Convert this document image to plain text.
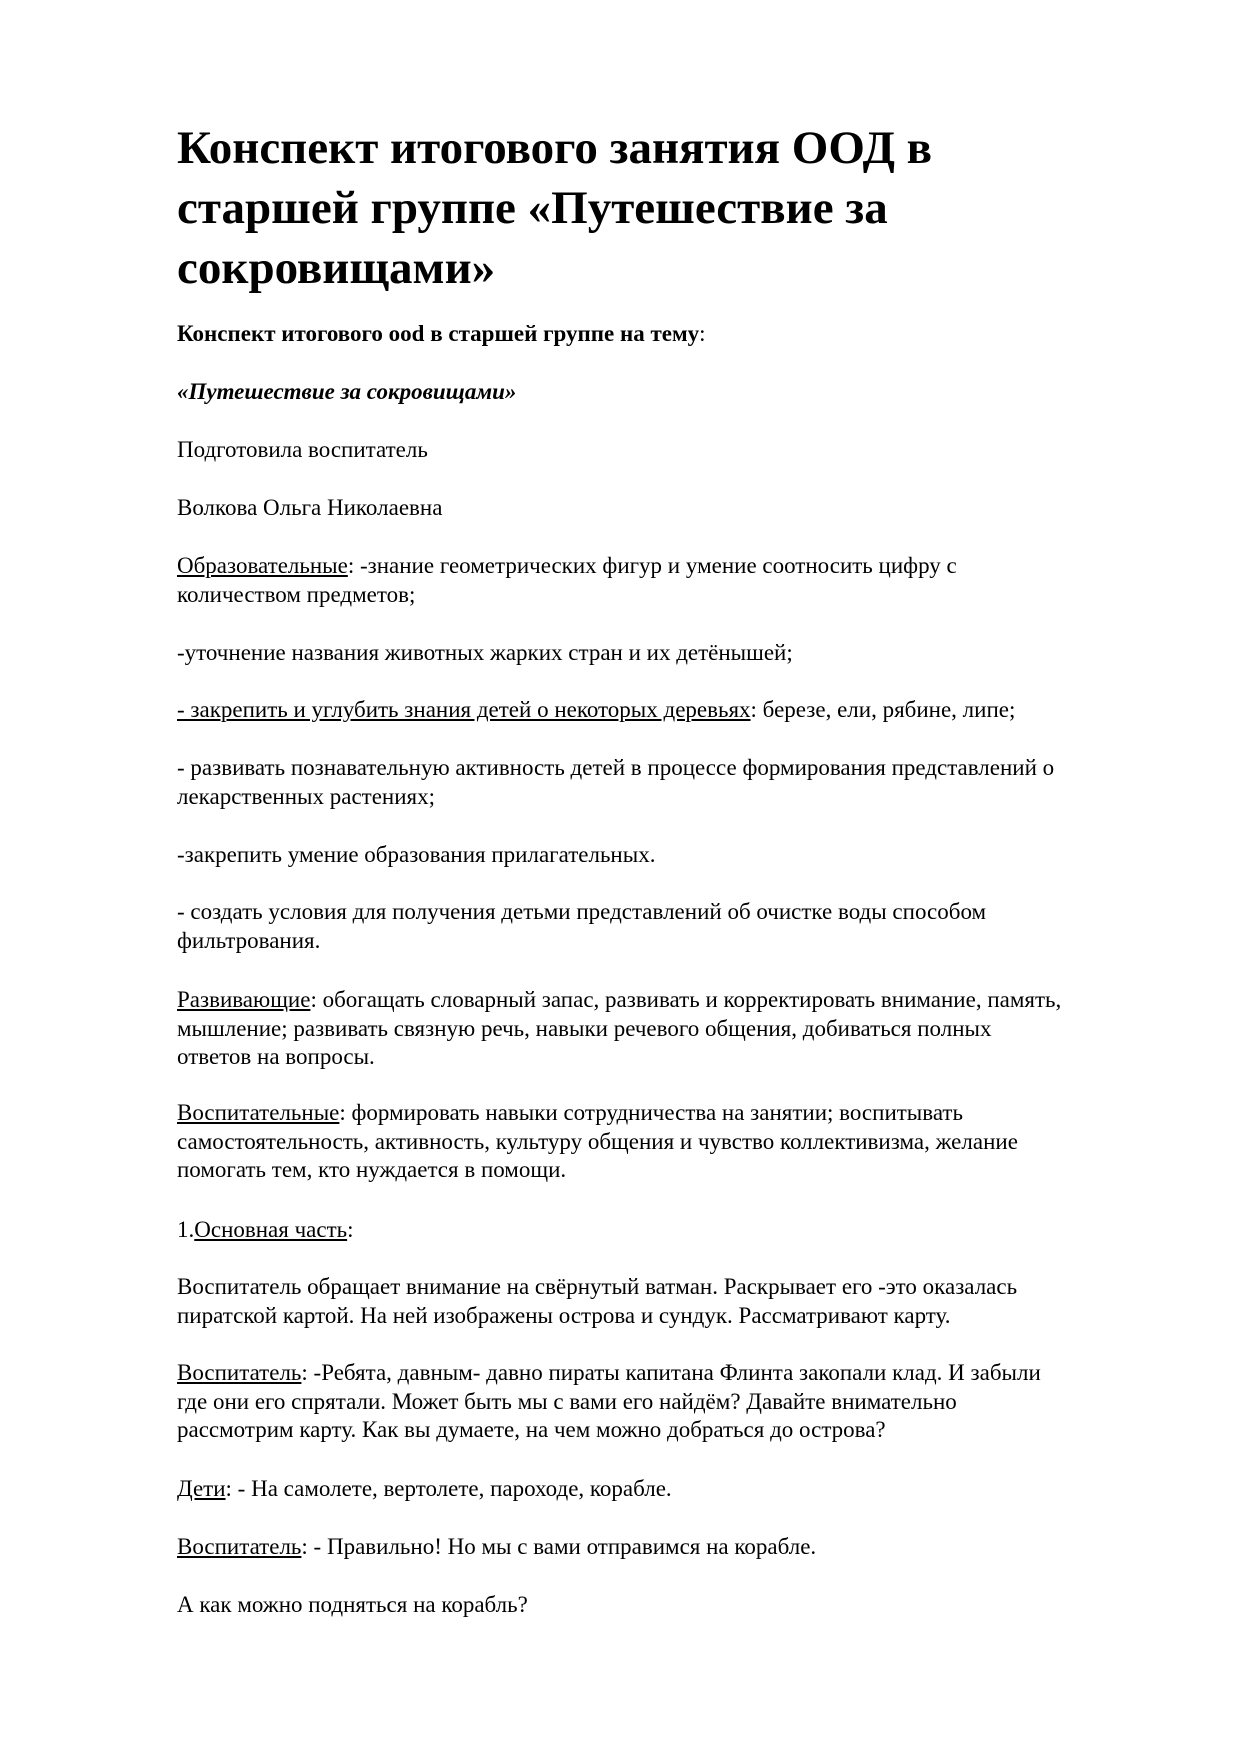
Конспект итогового занятия ООД в
старшей группе «Путешествие за
сокровищами»
Конспект итогового ood в старшей группе на тему:
«Путешествие за сокровищами»
Подготовила воспитатель
Волкова Ольга Николаевна
Образовательные: -знание геометрических фигур и умение соотносить цифру с
количеством предметов;
-уточнение названия животных жарких стран и их детёнышей;
- закрепить и углубить знания детей о некоторых деревьях: березе, ели, рябине, липе;
- развивать познавательную активность детей в процессе формирования представлений о
лекарственных растениях;
-закрепить умение образования прилагательных.
- создать условия для получения детьми представлений об очистке воды способом
фильтрования.
Развивающие: обогащать словарный запас, развивать и корректировать внимание, память,
мышление; развивать связную речь, навыки речевого общения, добиваться полных
ответов на вопросы.
Воспитательные: формировать навыки сотрудничества на занятии; воспитывать
самостоятельность, активность, культуру общения и чувство коллективизма, желание
помогать тем, кто нуждается в помощи.
1.Основная часть:
Воспитатель обращает внимание на свёрнутый ватман. Раскрывает его -это оказалась
пиратской картой. На ней изображены острова и сундук. Рассматривают карту.
Воспитатель: -Ребята, давным- давно пираты капитана Флинта закопали клад. И забыли
где они его спрятали. Может быть мы с вами его найдём? Давайте внимательно
рассмотрим карту. Как вы думаете, на чем можно добраться до острова?
Дети: - На самолете, вертолете, пароходе, корабле.
Воспитатель: - Правильно! Но мы с вами отправимся на корабле.
А как можно подняться на корабль?
